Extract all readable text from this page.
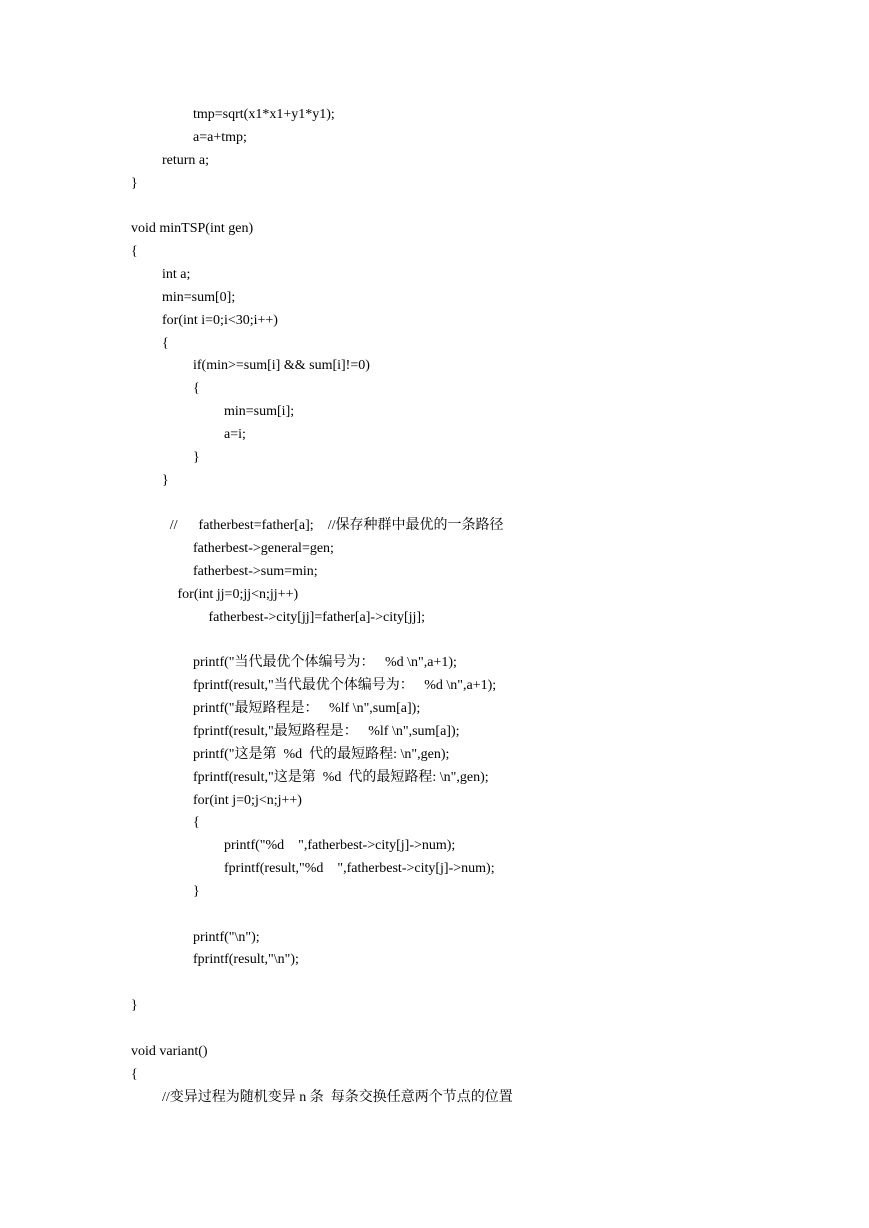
tmp=sqrt(x1*x1+y1*y1);
a=a+tmp;
return a;
}
void minTSP(int gen)
{
int a;
min=sum[0];
for(int i=0;i<30;i++)
{
if(min>=sum[i] && sum[i]!=0)
{
min=sum[i];
a=i;
}
}
//      fatherbest=father[a];    //保存种群中最优的一条路径
fatherbest->general=gen;
fatherbest->sum=min;
for(int jj=0;jj<n;jj++)
fatherbest->city[jj]=father[a]->city[jj];
printf("当代最优个体编号为：   %d \n",a+1);
fprintf(result,"当代最优个体编号为：   %d \n",a+1);
printf("最短路程是：   %lf \n",sum[a]);
fprintf(result,"最短路程是：   %lf \n",sum[a]);
printf("这是第  %d  代的最短路程: \n",gen);
fprintf(result,"这是第  %d  代的最短路程: \n",gen);
for(int j=0;j<n;j++)
{
printf("%d    ",fatherbest->city[j]->num);
fprintf(result,"%d    ",fatherbest->city[j]->num);
}
printf("\n");
fprintf(result,"\n");
}
void variant()
{
//变异过程为随机变异 n 条  每条交换任意两个节点的位置
